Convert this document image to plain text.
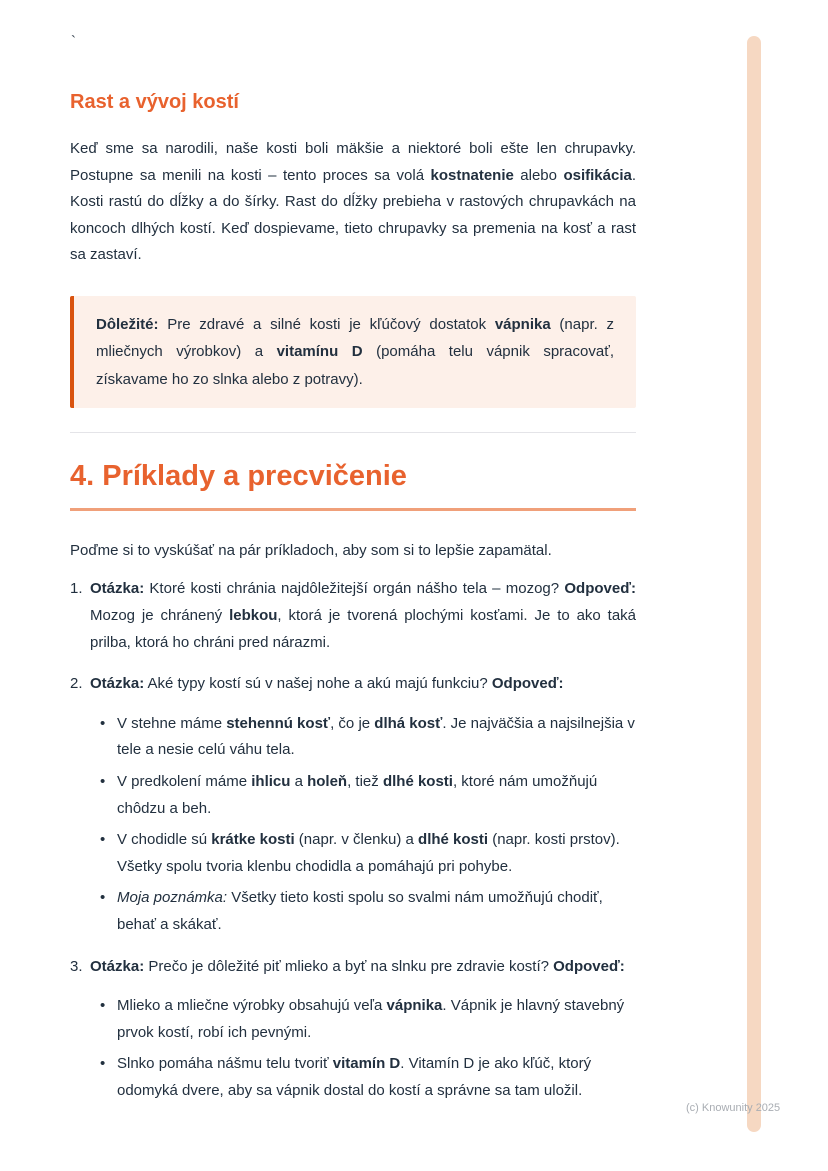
`
(c) Knowunity 2025
Rast a vývoj kostí

Keď sme sa narodili, naše kosti boli mäkšie a niektoré boli ešte len chrupavky. Postupne sa menili na kosti – tento proces sa volá kostnatenie alebo osifikácia. Kosti rastú do dĺžky a do šírky. Rast do dĺžky prebieha v rastových chrupavkách na koncoch dlhých kostí. Keď dospievame, tieto chrupavky sa premenia na kosť a rast sa zastaví.

Dôležité: Pre zdravé a silné kosti je kľúčový dostatok vápnika (napr. z mliečnych výrobkov) a vitamínu D (pomáha telu vápnik spracovať, získavame ho zo slnka alebo z potravy).

4. Príklady a precvičenie

Poďme si to vyskúšať na pár príkladoch, aby som si to lepšie zapamätal.

1. Otázka: Ktoré kosti chránia najdôležitejší orgán nášho tela – mozog? Odpoveď: Mozog je chránený lebkou, ktorá je tvorená plochými kosťami. Je to ako taká prilba, ktorá ho chráni pred nárazmi.
2. Otázka: Aké typy kostí sú v našej nohe a akú majú funkciu? Odpoveď:
• V stehne máme stehennú kosť, čo je dlhá kosť. Je najväčšia a najsilnejšia v tele a nesie celú váhu tela.
• V predkolení máme ihlicu a holeň, tiež dlhé kosti, ktoré nám umožňujú chôdzu a beh.
• V chodidle sú krátke kosti (napr. v členku) a dlhé kosti (napr. kosti prstov). Všetky spolu tvoria klenbu chodidla a pomáhajú pri pohybe.
• Moja poznámka: Všetky tieto kosti spolu so svalmi nám umožňujú chodiť, behať a skákať.
3. Otázka: Prečo je dôležité piť mlieko a byť na slnku pre zdravie kostí? Odpoveď:
• Mlieko a mliečne výrobky obsahujú veľa vápnika. Vápnik je hlavný stavebný prvok kostí, robí ich pevnými.
• Slnko pomáha nášmu telu tvoriť vitamín D. Vitamín D je ako kľúč, ktorý odomyká dvere, aby sa vápnik dostal do kostí a správne sa tam uložil.
